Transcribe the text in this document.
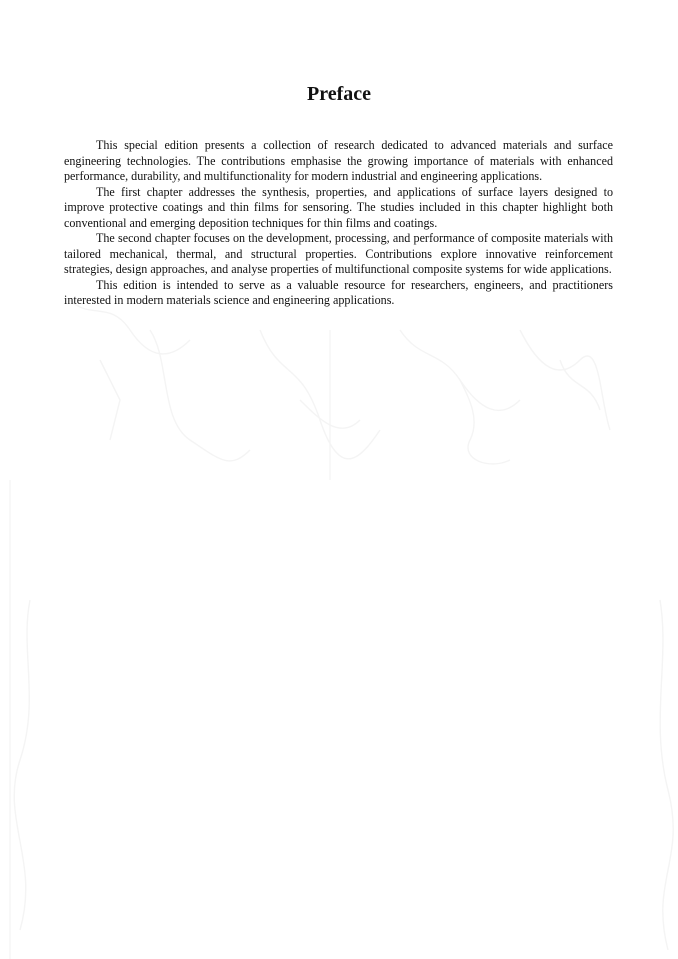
Preface

This special edition presents a collection of research dedicated to advanced materials and surface engineering technologies. The contributions emphasise the growing importance of materials with enhanced performance, durability, and multifunctionality for modern industrial and engineering applications.

The first chapter addresses the synthesis, properties, and applications of surface layers designed to improve protective coatings and thin films for sensoring. The studies included in this chapter highlight both conventional and emerging deposition techniques for thin films and coatings.

The second chapter focuses on the development, processing, and performance of composite materials with tailored mechanical, thermal, and structural properties. Contributions explore innovative reinforcement strategies, design approaches, and analyse properties of multifunctional composite systems for wide applications.

This edition is intended to serve as a valuable resource for researchers, engineers, and practitioners interested in modern materials science and engineering applications.
